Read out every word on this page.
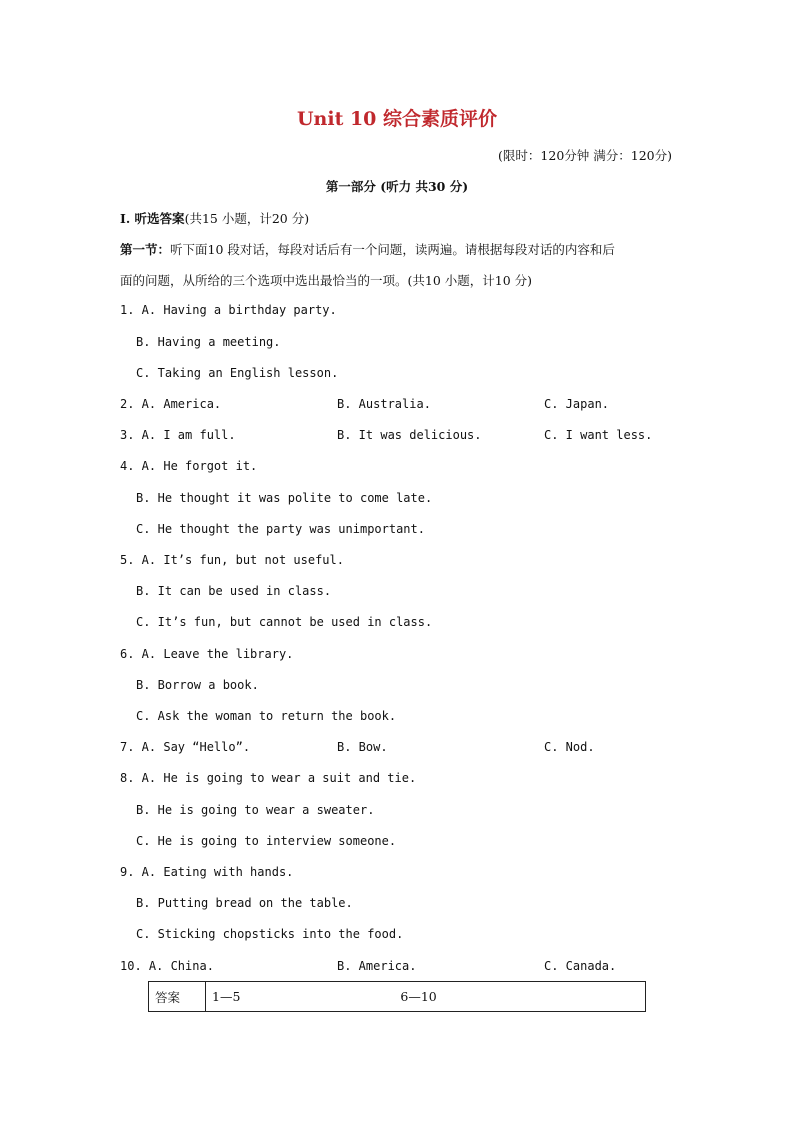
Unit 10 综合素质评价
(限时：120分钟 满分：120分)
第一部分 (听力 共30 分)
I. 听选答案(共15 小题，计20 分)
第一节：听下面10 段对话，每段对话后有一个问题，读两遍。请根据每段对话的内容和后
面的问题，从所给的三个选项中选出最恰当的一项。(共10 小题，计10 分)
1. A. Having a birthday party.
B. Having a meeting.
C. Taking an English lesson.
2. A. America.	B. Australia.	C. Japan.
3. A. I am full.	B. It was delicious.	C. I want less.
4. A. He forgot it.
B. He thought it was polite to come late.
C. He thought the party was unimportant.
5. A. It’s fun, but not useful.
B. It can be used in class.
C. It’s fun, but cannot be used in class.
6. A. Leave the library.
B. Borrow a book.
C. Ask the woman to return the book.
7. A. Say “Hello”.	B. Bow.	C. Nod.
8. A. He is going to wear a suit and tie.
B. He is going to wear a sweater.
C. He is going to interview someone.
9. A. Eating with hands.
B. Putting bread on the table.
C. Sticking chopsticks into the food.
10. A. China.	B. America.	C. Canada.
答案	1—5	6—10
